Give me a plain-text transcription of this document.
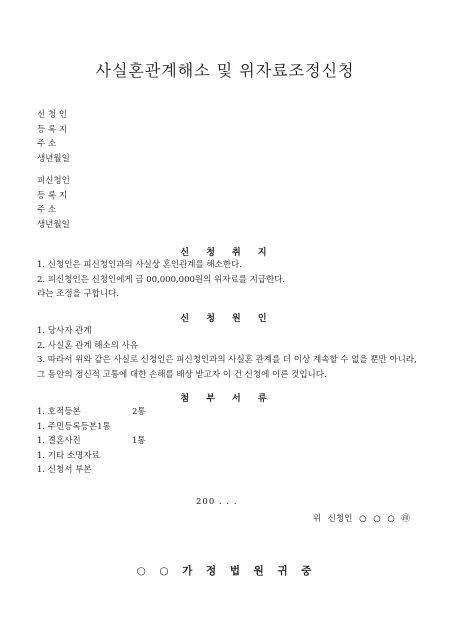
사실혼관계해소 및 위자료조정신청
신 청 인
등 록 지
주 소
생년월일
피신청인
등 록 지
주 소
생년월일
신 청 취 지
1. 신청인은 피신청인과의 사실상 혼인관계를 해소한다.
2. 피신청인은 신청인에게 금 00,000,000원의 위자료를 지급한다.
라는 조정을 구합니다.
신 청 원 인
1. 당사자 관계
2. 사실혼 관계 해소의 사유
3. 따라서 위와 같은 사실로 신청인은 피신청인과의 사실혼 관계를 더 이상 계속할 수 없을 뿐만 아니라, 그 동안의 정신적 고통에 대한 손해를 배상 받고자 이 건 신청에 이른 것입니다.
첨 부 서 류
1. 호적등본	2통
1. 주민등록등본1통
1. 결혼사진	1통
1. 기타 소명자료
1. 신청서 부본
200 . . .
위 신청인 ○ ○ ○ ㊞
○ ○ 가 정 법 원 귀 중
